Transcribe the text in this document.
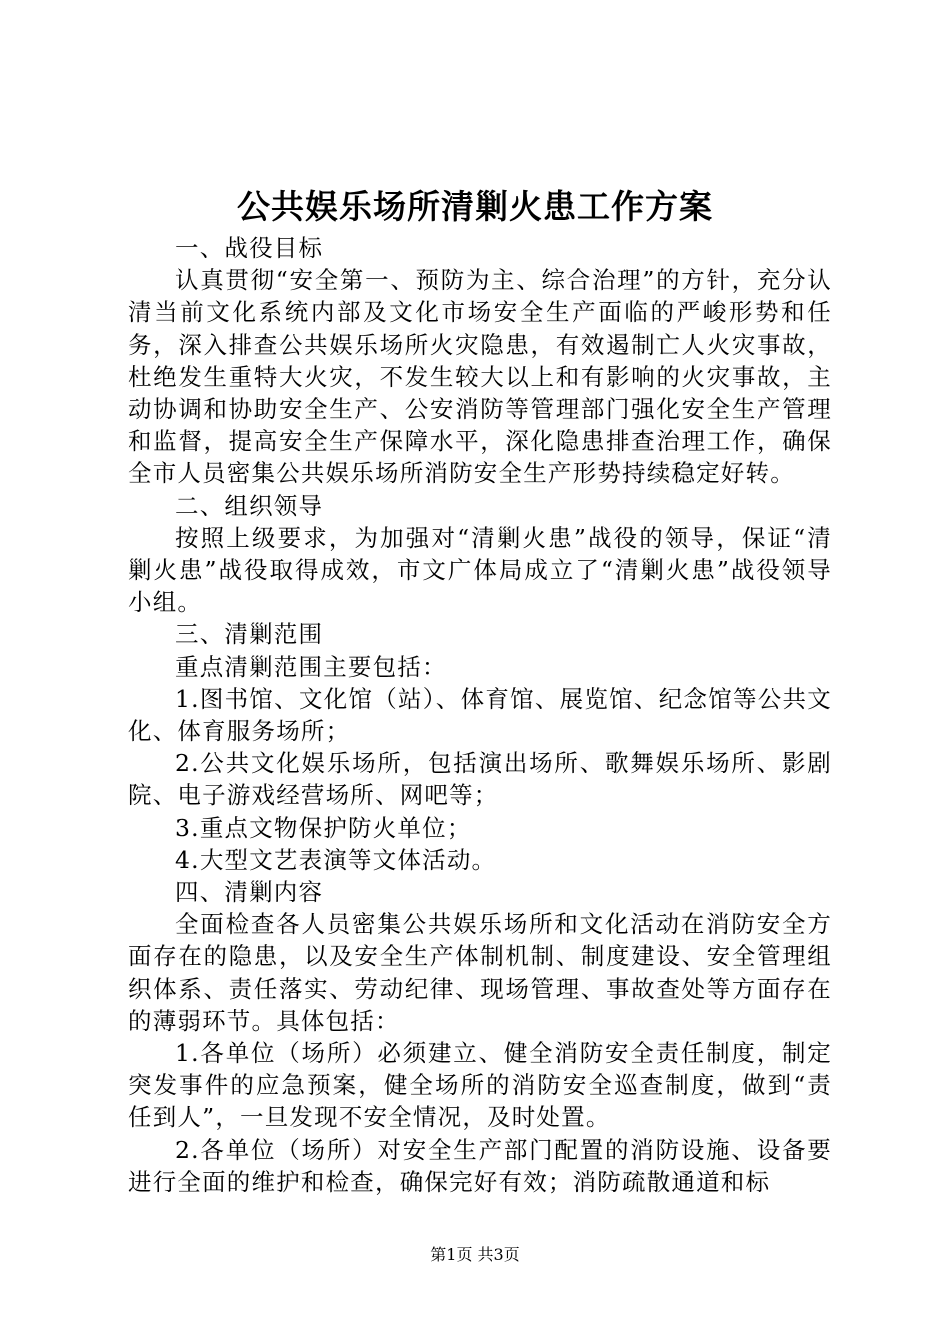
公共娱乐场所清剿火患工作方案

一、战役目标

认真贯彻“安全第一、预防为主、综合治理”的方针，充分认清当前文化系统内部及文化市场安全生产面临的严峻形势和任务，深入排查公共娱乐场所火灾隐患，有效遏制亡人火灾事故，杜绝发生重特大火灾，不发生较大以上和有影响的火灾事故，主动协调和协助安全生产、公安消防等管理部门强化安全生产管理和监督，提高安全生产保障水平，深化隐患排查治理工作，确保全市人员密集公共娱乐场所消防安全生产形势持续稳定好转。

二、组织领导

按照上级要求，为加强对“清剿火患”战役的领导，保证“清剿火患”战役取得成效，市文广体局成立了“清剿火患”战役领导小组。

三、清剿范围

重点清剿范围主要包括：

1.图书馆、文化馆（站）、体育馆、展览馆、纪念馆等公共文化、体育服务场所；

2.公共文化娱乐场所，包括演出场所、歌舞娱乐场所、影剧院、电子游戏经营场所、网吧等；

3.重点文物保护防火单位；

4.大型文艺表演等文体活动。

四、清剿内容

全面检查各人员密集公共娱乐场所和文化活动在消防安全方面存在的隐患，以及安全生产体制机制、制度建设、安全管理组织体系、责任落实、劳动纪律、现场管理、事故查处等方面存在的薄弱环节。具体包括：

1.各单位（场所）必须建立、健全消防安全责任制度，制定突发事件的应急预案，健全场所的消防安全巡查制度，做到“责任到人”，一旦发现不安全情况，及时处置。

2.各单位（场所）对安全生产部门配置的消防设施、设备要进行全面的维护和检查，确保完好有效；消防疏散通道和标

第1页 共3页
